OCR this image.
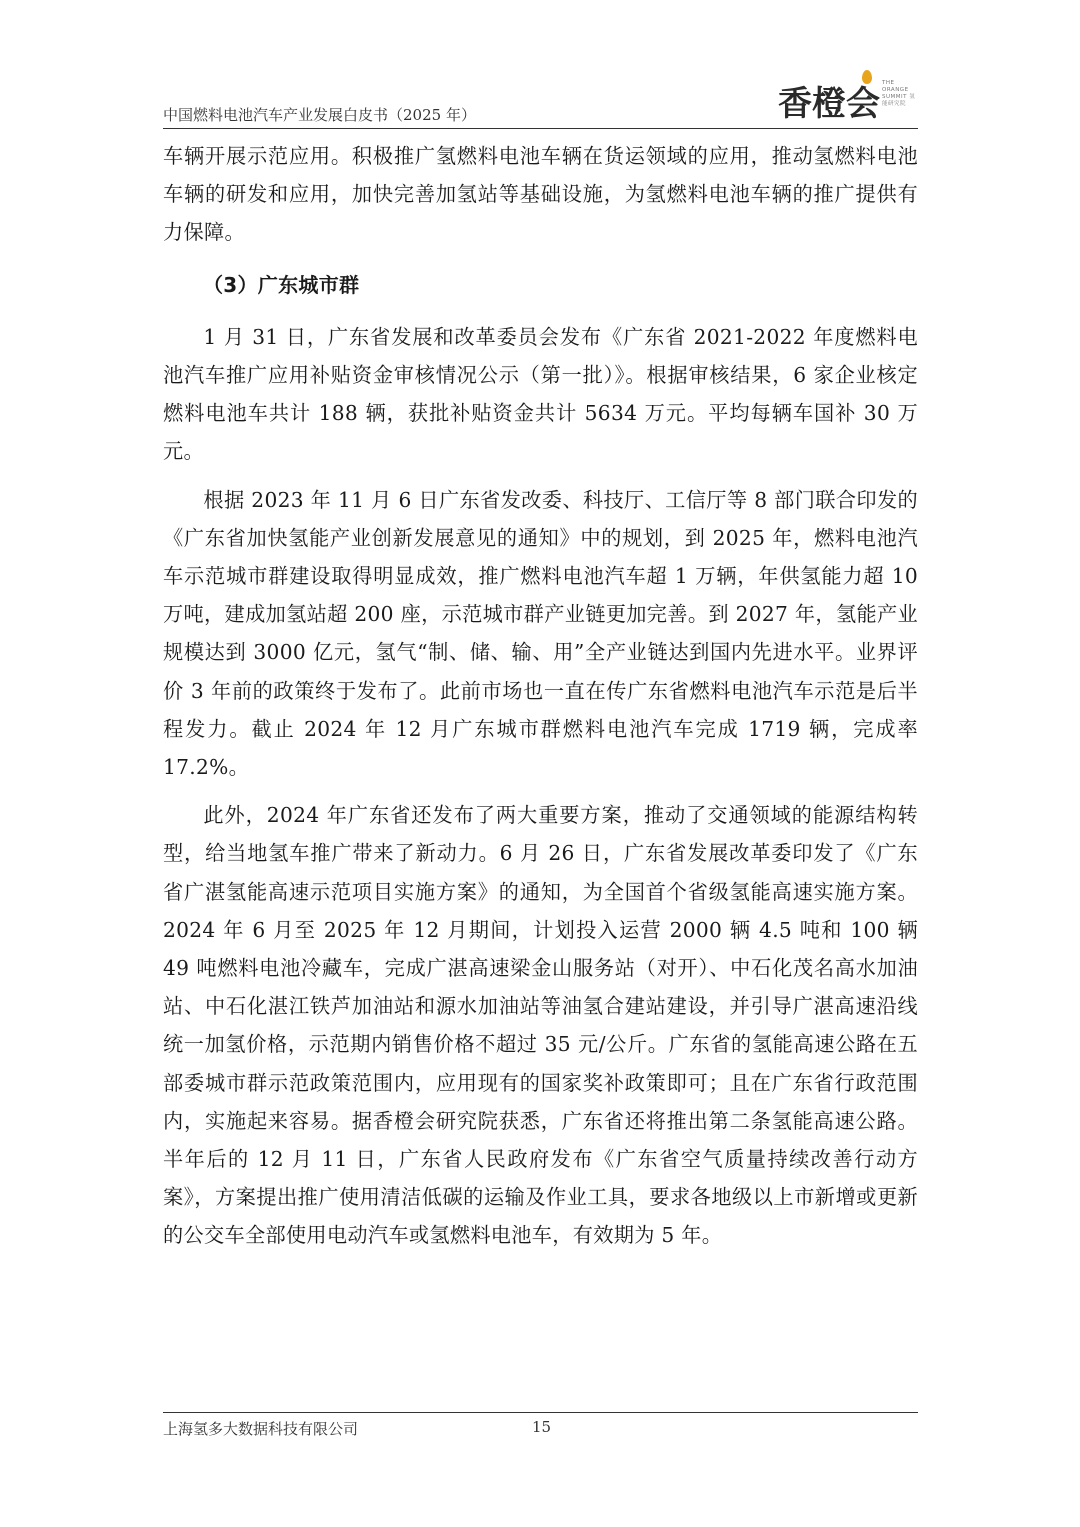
中国燃料电池汽车产业发展白皮书（2025 年）	香橙会
THE ORANGE SUMMIT 氢能研究院

车辆开展示范应用。积极推广氢燃料电池车辆在货运领域的应用，推动氢燃料电池车辆的研发和应用，加快完善加氢站等基础设施，为氢燃料电池车辆的推广提供有力保障。

（3）广东城市群

1 月 31 日，广东省发展和改革委员会发布《广东省 2021-2022 年度燃料电池汽车推广应用补贴资金审核情况公示（第一批）》。根据审核结果，6 家企业核定燃料电池车共计 188 辆，获批补贴资金共计 5634 万元。平均每辆车国补 30 万元。

根据 2023 年 11 月 6 日广东省发改委、科技厅、工信厅等 8 部门联合印发的《广东省加快氢能产业创新发展意见的通知》中的规划，到 2025 年，燃料电池汽车示范城市群建设取得明显成效，推广燃料电池汽车超 1 万辆，年供氢能力超 10 万吨，建成加氢站超 200 座，示范城市群产业链更加完善。到 2027 年，氢能产业规模达到 3000 亿元，氢气“制、储、输、用”全产业链达到国内先进水平。业界评价 3 年前的政策终于发布了。此前市场也一直在传广东省燃料电池汽车示范是后半程发力。截止 2024 年 12 月广东城市群燃料电池汽车完成 1719 辆，完成率 17.2%。

此外，2024 年广东省还发布了两大重要方案，推动了交通领域的能源结构转型，给当地氢车推广带来了新动力。6 月 26 日，广东省发展改革委印发了《广东省广湛氢能高速示范项目实施方案》的通知，为全国首个省级氢能高速实施方案。2024 年 6 月至 2025 年 12 月期间，计划投入运营 2000 辆 4.5 吨和 100 辆 49 吨燃料电池冷藏车，完成广湛高速梁金山服务站（对开）、中石化茂名高水加油站、中石化湛江铁芦加油站和源水加油站等油氢合建站建设，并引导广湛高速沿线统一加氢价格，示范期内销售价格不超过 35 元/公斤。广东省的氢能高速公路在五部委城市群示范政策范围内，应用现有的国家奖补政策即可；且在广东省行政范围内，实施起来容易。据香橙会研究院获悉，广东省还将推出第二条氢能高速公路。半年后的 12 月 11 日，广东省人民政府发布《广东省空气质量持续改善行动方案》，方案提出推广使用清洁低碳的运输及作业工具，要求各地级以上市新增或更新的公交车全部使用电动汽车或氢燃料电池车，有效期为 5 年。

上海氢多大数据科技有限公司	15
